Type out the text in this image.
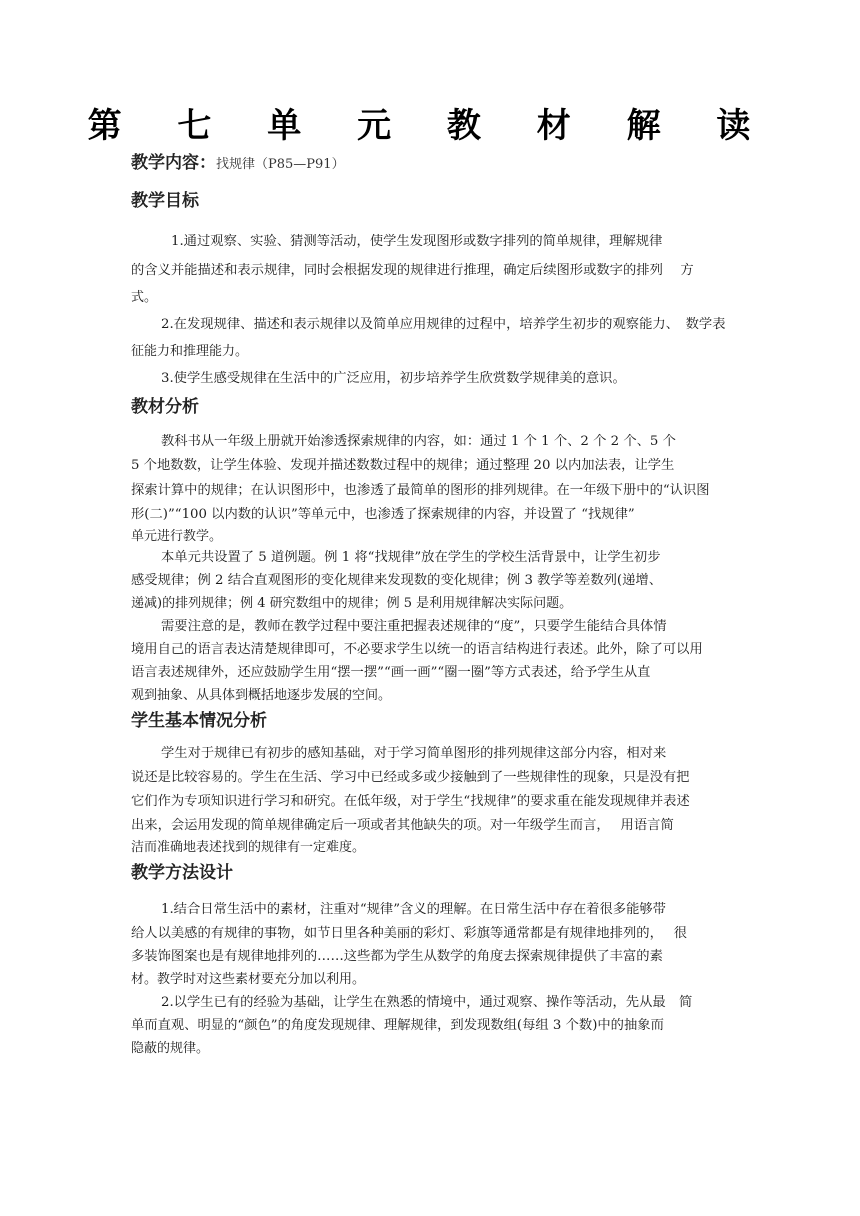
第 七 单 元 教 材 解 读
教学内容：找规律（P85—P91）
教学目标
1.通过观察、实验、猜测等活动，使学生发现图形或数字排列的简单规律，理解规律
的含义并能描述和表示规律，同时会根据发现的规律进行推理，确定后续图形或数字的排列　 方
式。
2.在发现规律、描述和表示规律以及简单应用规律的过程中，培养学生初步的观察能力、　数学表
征能力和推理能力。
3.使学生感受规律在生活中的广泛应用，初步培养学生欣赏数学规律美的意识。
教材分析
教科书从一年级上册就开始渗透探索规律的内容，如：通过 1 个 1 个、2 个 2 个、5 个
5 个地数数，让学生体验、发现并描述数数过程中的规律；通过整理 20 以内加法表，让学生
探索计算中的规律；在认识图形中，也渗透了最简单的图形的排列规律。在一年级下册中的“认识图
形(二)”“100 以内数的认识”等单元中，也渗透了探索规律的内容，并设置了 “找规律”
单元进行教学。
本单元共设置了 5 道例题。例 1 将“找规律”放在学生的学校生活背景中，让学生初步
感受规律；例 2 结合直观图形的变化规律来发现数的变化规律；例 3 教学等差数列(递增、
递减)的排列规律；例 4 研究数组中的规律；例 5 是利用规律解决实际问题。
需要注意的是，教师在教学过程中要注重把握表述规律的“度”，只要学生能结合具体情
境用自己的语言表达清楚规律即可，不必要求学生以统一的语言结构进行表述。此外，除了可以用
语言表述规律外，还应鼓励学生用“摆一摆”“画一画”“圈一圈”等方式表述，给予学生从直
观到抽象、从具体到概括地逐步发展的空间。
学生基本情况分析
学生对于规律已有初步的感知基础，对于学习简单图形的排列规律这部分内容，相对来
说还是比较容易的。学生在生活、学习中已经或多或少接触到了一些规律性的现象，只是没有把
它们作为专项知识进行学习和研究。在低年级，对于学生“找规律”的要求重在能发现规律并表述
出来，会运用发现的简单规律确定后一项或者其他缺失的项。对一年级学生而言，　 用语言简
洁而准确地表述找到的规律有一定难度。
教学方法设计
1.结合日常生活中的素材，注重对“规律”含义的理解。在日常生活中存在着很多能够带
给人以美感的有规律的事物，如节日里各种美丽的彩灯、彩旗等通常都是有规律地排列的，　 很
多装饰图案也是有规律地排列的……这些都为学生从数学的角度去探索规律提供了丰富的素
材。教学时对这些素材要充分加以利用。
2.以学生已有的经验为基础，让学生在熟悉的情境中，通过观察、操作等活动，先从最　简
单而直观、明显的“颜色”的角度发现规律、理解规律，到发现数组(每组 3 个数)中的抽象而
隐蔽的规律。
